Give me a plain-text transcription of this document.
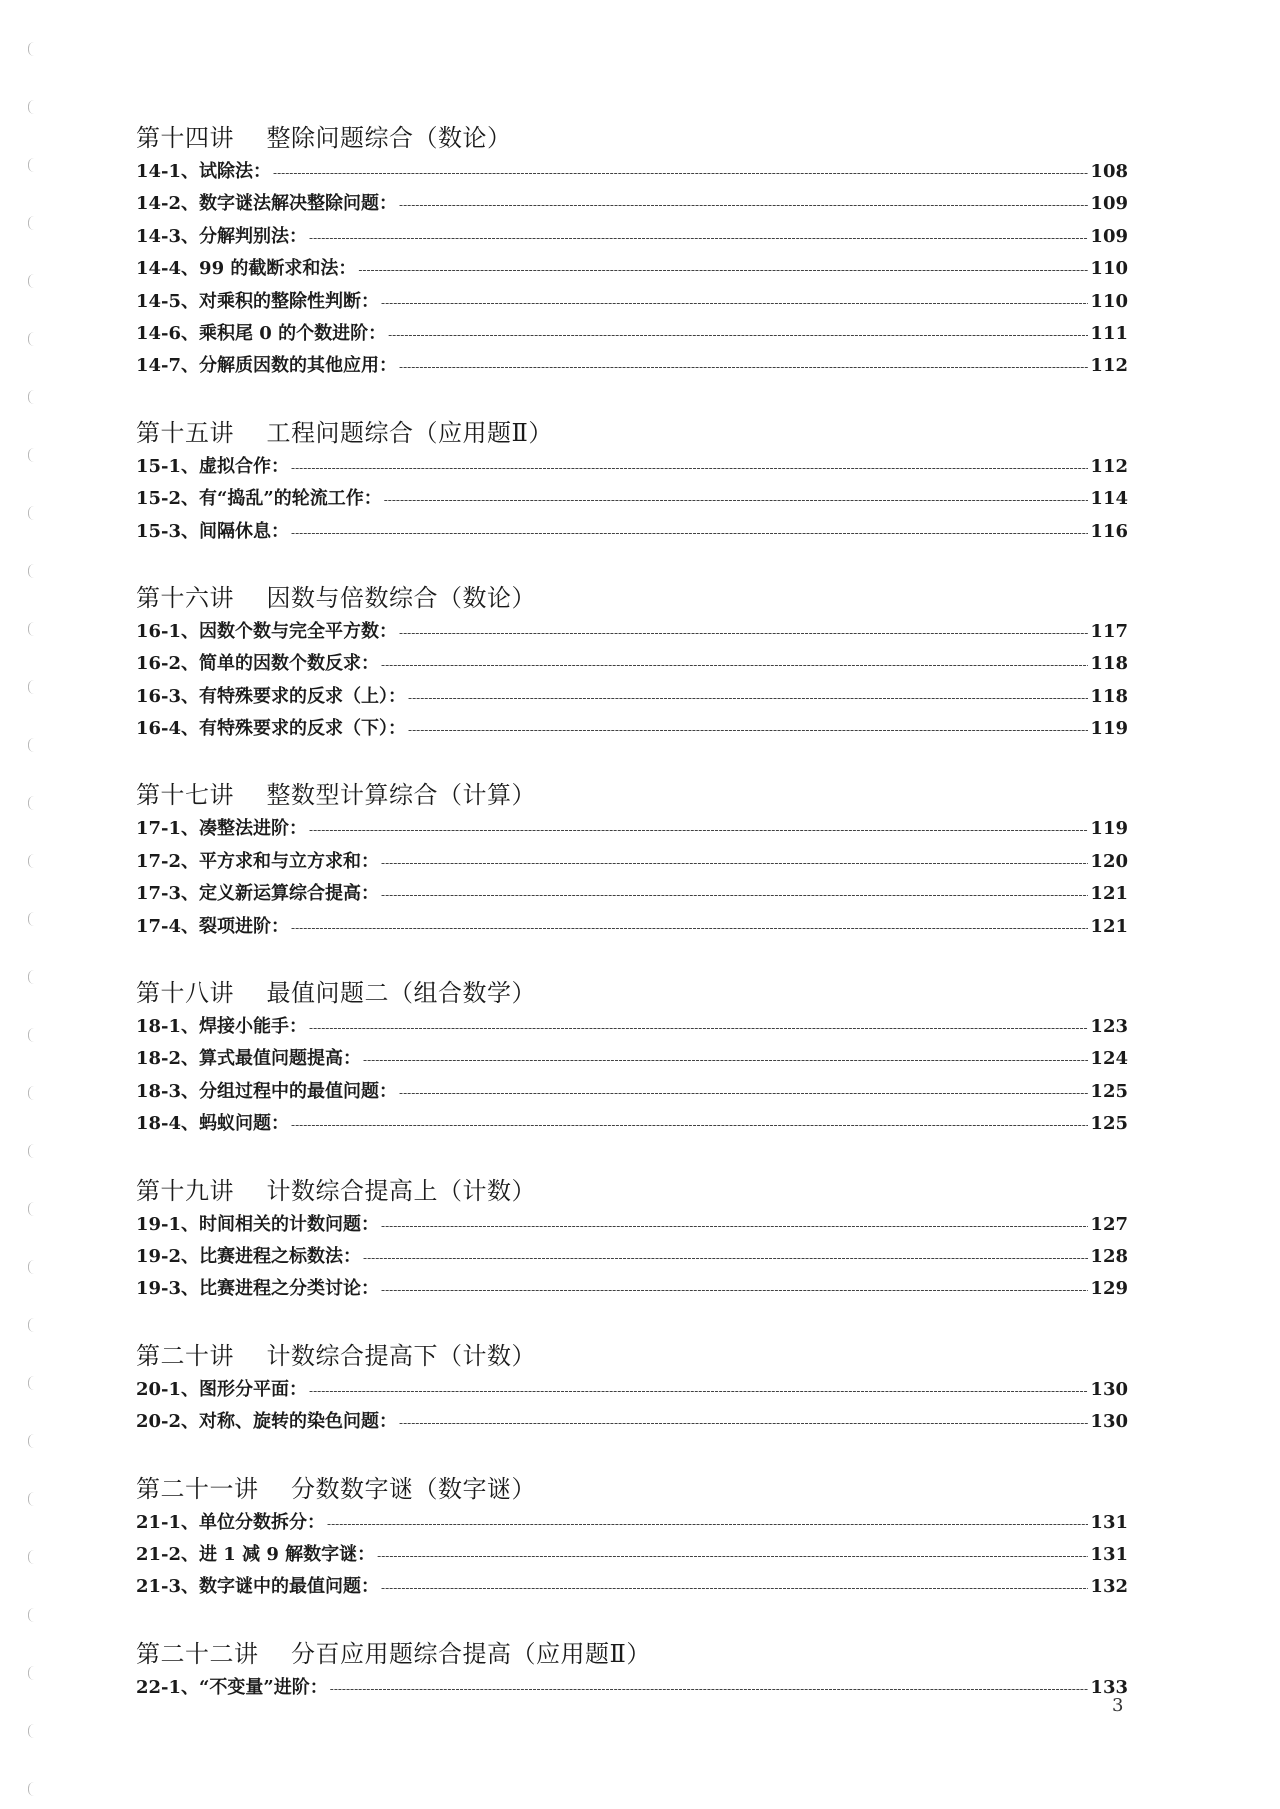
第十四讲    整除问题综合（数论）
14-1、试除法： -----	108
14-2、数字谜法解决整除问题： -----	109
14-3、分解判别法： -----	109
14-4、99 的截断求和法： -----	110
14-5、对乘积的整除性判断： -----	110
14-6、乘积尾 0 的个数进阶： -----	111
14-7、分解质因数的其他应用： -----	112
第十五讲    工程问题综合（应用题Ⅱ）
15-1、虚拟合作： -----	112
15-2、有“捣乱”的轮流工作： -----	114
15-3、间隔休息： -----	116
第十六讲    因数与倍数综合（数论）
16-1、因数个数与完全平方数： -----	117
16-2、简单的因数个数反求： -----	118
16-3、有特殊要求的反求（上）： -----	118
16-4、有特殊要求的反求（下）： -----	119
第十七讲    整数型计算综合（计算）
17-1、凑整法进阶： -----	119
17-2、平方求和与立方求和： -----	120
17-3、定义新运算综合提高： -----	121
17-4、裂项进阶： -----	121
第十八讲    最值问题二（组合数学）
18-1、焊接小能手： -----	123
18-2、算式最值问题提高： -----	124
18-3、分组过程中的最值问题： -----	125
18-4、蚂蚁问题： -----	125
第十九讲    计数综合提高上（计数）
19-1、时间相关的计数问题： -----	127
19-2、比赛进程之标数法： -----	128
19-3、比赛进程之分类讨论： -----	129
第二十讲    计数综合提高下（计数）
20-1、图形分平面： -----	130
20-2、对称、旋转的染色问题： -----	130
第二十一讲    分数数字谜（数字谜）
21-1、单位分数拆分： -----	131
21-2、进 1 减 9 解数字谜： -----	131
21-3、数字谜中的最值问题： -----	132
第二十二讲    分百应用题综合提高（应用题Ⅱ）
22-1、“不变量”进阶： -----	133
3
